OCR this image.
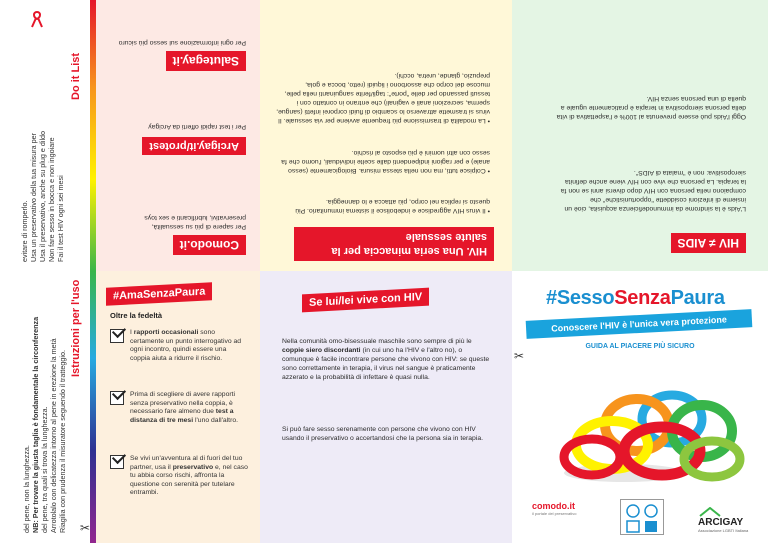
Do it List
Fai il test HIV ogni sei mesi
Non fare sesso in bocca e non ingoiare
Usa il preservativo, anche su plug e dildo
Usa un preservativo della tua misura per
evitare di romperlo.
Istruzioni per l'uso
Riagilia con prudenza il misuratore seguendo il tratteggio.
Arrotolalo con delicatezza intorno al pene in erezione la metà
del pene, tra quali si trova la lunghezza.
NB: Per trovare la giusta taglia è fondamentale la circonferenza
del pene, non la lunghezza.	✂
Comodo.it
Per sapere di più su sessualità, preservativi, lubrificanti e sex toys
Arcigay.it/protest
Per i test rapidi offerti da Arcigay
Salutegay.it
Per ogni informazione sul sesso più sicuro
HIV. Una seria minaccia per la salute sessuale
• Il virus HIV aggredisce e indebolisce il sistema immunitario. Più questo si replica nel corpo, più attacca e lo danneggia.
• Colpisce tutti, ma non nella stessa misura. Biologicamente (sesso anale) e per ragioni indipendenti dalle scelte individuali, l'uomo che fa sesso con altri uomini è più esposto al rischio.
• La modalità di trasmissione più frequente avviene per via sessuale. Il virus si trasmette attraverso lo scambio di fluidi corporei infetti (sangue, sperma, secrezioni anali e vaginali) che entrano in contatto con i tessuti passando per delle "porte": tagli/ferite sanguinanti nella pelle, mucose del corpo che assorbono i liquidi (retto, bocca e gola, prepuzio, glande, uretra, occhi).
HIV ≠ AIDS
L'Aids è la sindrome da immunodeficienza acquisita, cioè un insieme di infezioni cosiddette "opportunistiche" che compaiono nella persona con HIV dopo diversi anni se non fa la terapia. La persona che vive con HIV viene anche definita sieropositiva: non è "malata di AIDS".
Oggi l'Aids può essere prevenuta al 100% e l'aspettativa di vita della persona sieropositiva in terapia è praticamente uguale a quella di una persona senza HIV.
#AmaSenzaPaura
Oltre la fedeltà
I rapporti occasionali sono certamente un punto interrogativo ad ogni incontro, quindi essere una coppia aiuta a ridurre il rischio.
Prima di scegliere di avere rapporti senza preservativo nella coppia, è necessario fare almeno due test a distanza di tre mesi l'uno dall'altro.
Se vivi un'avventura al di fuori del tuo partner, usa il preservativo e, nel caso tu abbia corso rischi, affronta la questione con serenità per tutelare entrambi.
Se lui/lei vive con HIV
Nella comunità omo-bisessuale maschile sono sempre di più le coppie siero discordanti (in cui uno ha l'HIV e l'altro no), o comunque è facile incontrare persone che vivono con HIV: se queste sono correttamente in terapia, il virus nel sangue è praticamente azzerato e la probabilità di infettare è quasi nulla.
Si può fare sesso serenamente con persone che vivono con HIV usando il preservativo o accertandosi che la persona sia in terapia.
✂
#SessoSenzaPaura
Conoscere l'HIV è l'unica vera protezione
GUIDA AL PIACERE PIÙ SICURO
comodo.it
il portale del preservativo
ARCIGAY
Associazione LGBTI Italiana
